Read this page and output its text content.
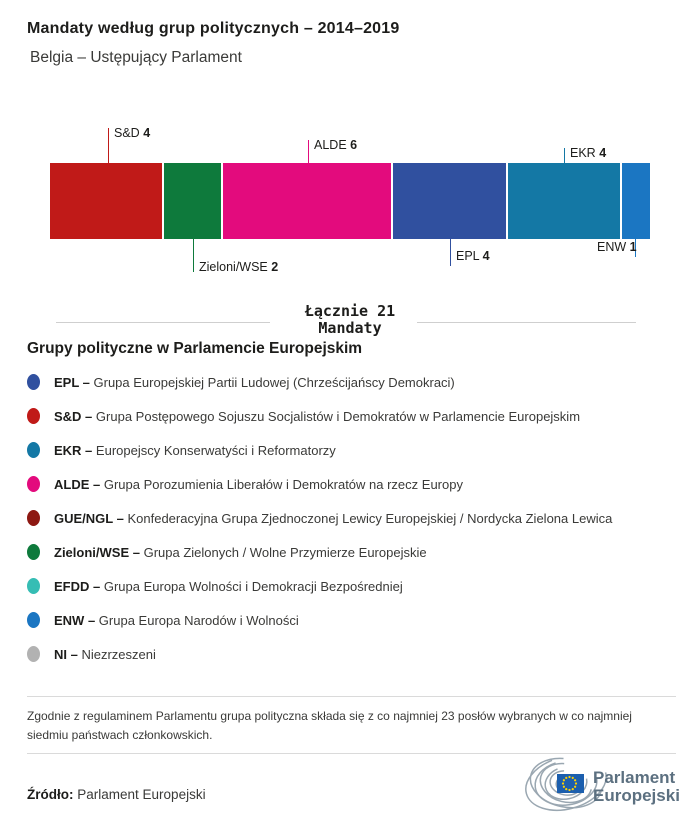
Mandaty według grup politycznych – 2014–2019
Belgia – Ustępujący Parlament
S&D 4
Zieloni/WSE 2
ALDE 6
EPL 4
EKR 4
ENW 1
Łącznie 21
Mandaty
Grupy polityczne w Parlamencie Europejskim
EPL – Grupa Europejskiej Partii Ludowej (Chrześcijańscy Demokraci)
S&D – Grupa Postępowego Sojuszu Socjalistów i Demokratów w Parlamencie Europejskim
EKR – Europejscy Konserwatyści i Reformatorzy
ALDE – Grupa Porozumienia Liberałów i Demokratów na rzecz Europy
GUE/NGL – Konfederacyjna Grupa Zjednoczonej Lewicy Europejskiej / Nordycka Zielona Lewica
Zieloni/WSE – Grupa Zielonych / Wolne Przymierze Europejskie
EFDD – Grupa Europa Wolności i Demokracji Bezpośredniej
ENW – Grupa Europa Narodów i Wolności
NI – Niezrzeszeni
Zgodnie z regulaminem Parlamentu grupa polityczna składa się z co najmniej 23 posłów wybranych w co najmniej siedmiu państwach członkowskich.
Źródło: Parlament Europejski
Parlament
Europejski
